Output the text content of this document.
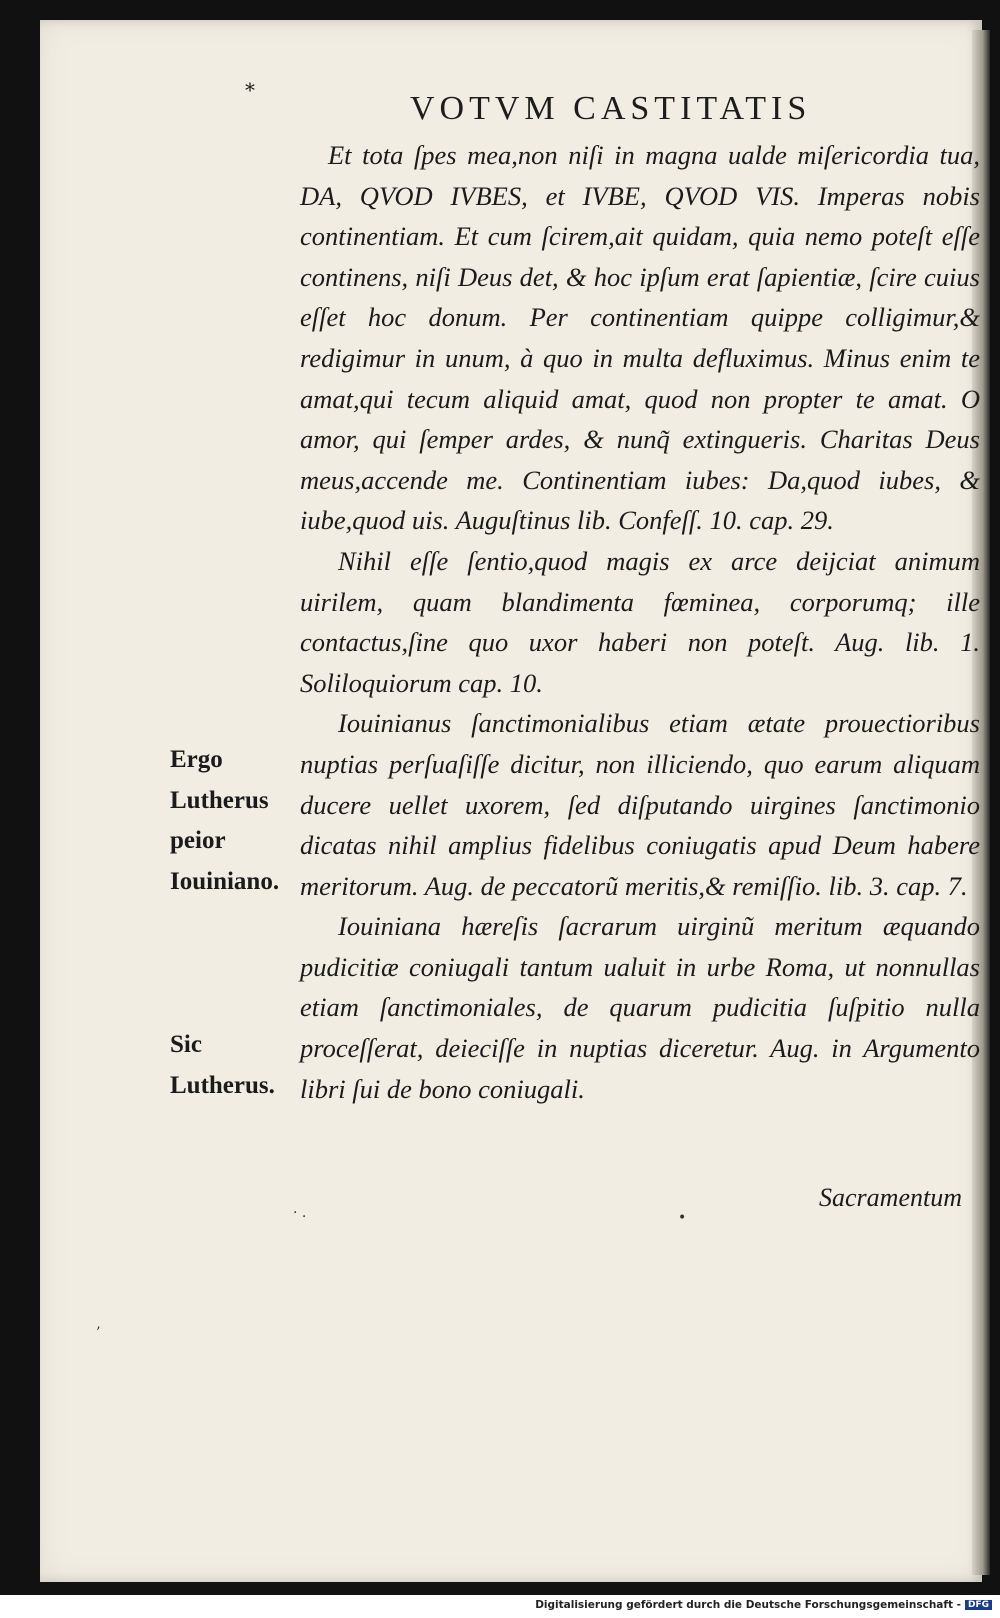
*	VOTVM CASTITATIS

Et tota ſpes mea,non niſi in magna ualde miſericordia tua, DA, QVOD IVBES, et IVBE, QVOD VIS. Imperas nobis continentiam. Et cum ſcirem,ait quidam, quia nemo poteſt eſſe continens, niſi Deus det, & hoc ipſum erat ſapientiæ, ſcire cuius eſſet hoc donum. Per continentiam quippe colligimur,& redigimur in unum, à quo in multa defluximus. Minus enim te amat,qui tecum aliquid amat, quod non propter te amat. O amor, qui ſemper ardes, & nunq̃ extingueris. Charitas Deus meus,accende me. Continentiam iubes: Da,quod iubes, & iube,quod uis. Auguſtinus lib. Confeſſ. 10. cap. 29.

Nihil eſſe ſentio,quod magis ex arce deijciat animum uirilem, quam blandimenta fœminea, corporumq; ille contactus,ſine quo uxor haberi non poteſt. Aug. lib. 1. Soliloquiorum cap. 10.

Iouinianus ſanctimonialibus etiam ætate prouectioribus nuptias perſuaſiſſe dicitur, non illiciendo, quo earum aliquam ducere uellet uxorem, ſed diſputando uirgines ſanctimonio dicatas nihil amplius fidelibus coniugatis apud Deum habere meritorum. Aug. de peccatorũ meritis,& remiſſio. lib. 3. cap. 7.

Iouiniana hæreſis ſacrarum uirginũ meritum æquando pudicitiæ coniugali tantum ualuit in urbe Roma, ut nonnullas etiam ſanctimoniales, de quarum pudicitia ſuſpitio nulla proceſſerat, deieciſſe in nuptias diceretur. Aug. in Argumento libri ſui de bono coniugali.

Ergo Lutherus peior Iouiniano.
Sic Lutherus.
Sacramentum
· .	•
’
Digitalisierung gefördert durch die Deutsche Forschungsgemeinschaft - DFG
